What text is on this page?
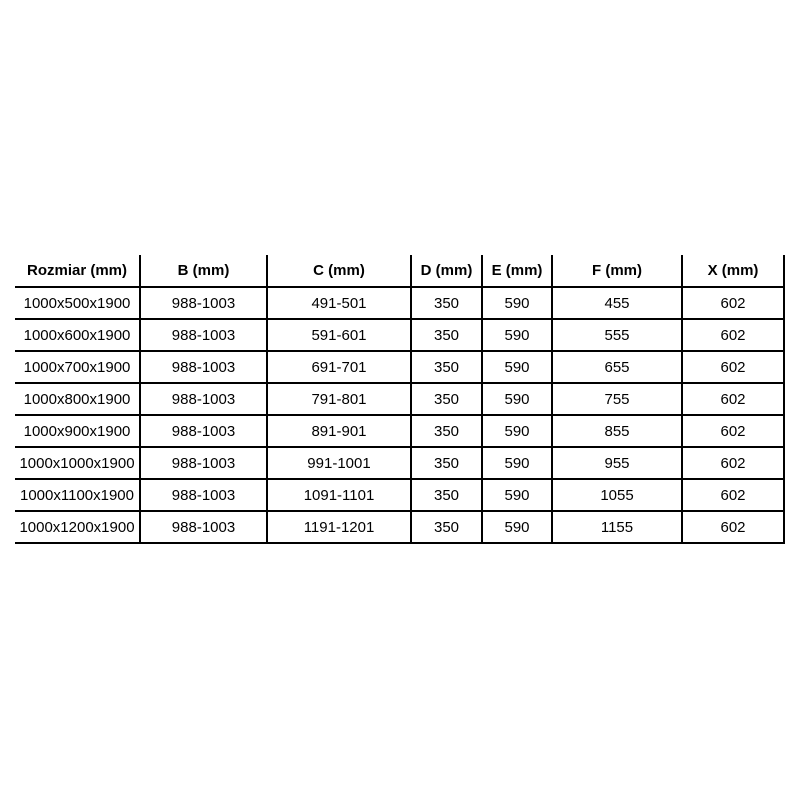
Rozmiar (mm)	B (mm)	C (mm)	D (mm)	E (mm)	F (mm)	X (mm)
1000x500x1900	988-1003	491-501	350	590	455	602
1000x600x1900	988-1003	591-601	350	590	555	602
1000x700x1900	988-1003	691-701	350	590	655	602
1000x800x1900	988-1003	791-801	350	590	755	602
1000x900x1900	988-1003	891-901	350	590	855	602
1000x1000x1900	988-1003	991-1001	350	590	955	602
1000x1100x1900	988-1003	1091-1101	350	590	1055	602
1000x1200x1900	988-1003	1191-1201	350	590	1155	602
